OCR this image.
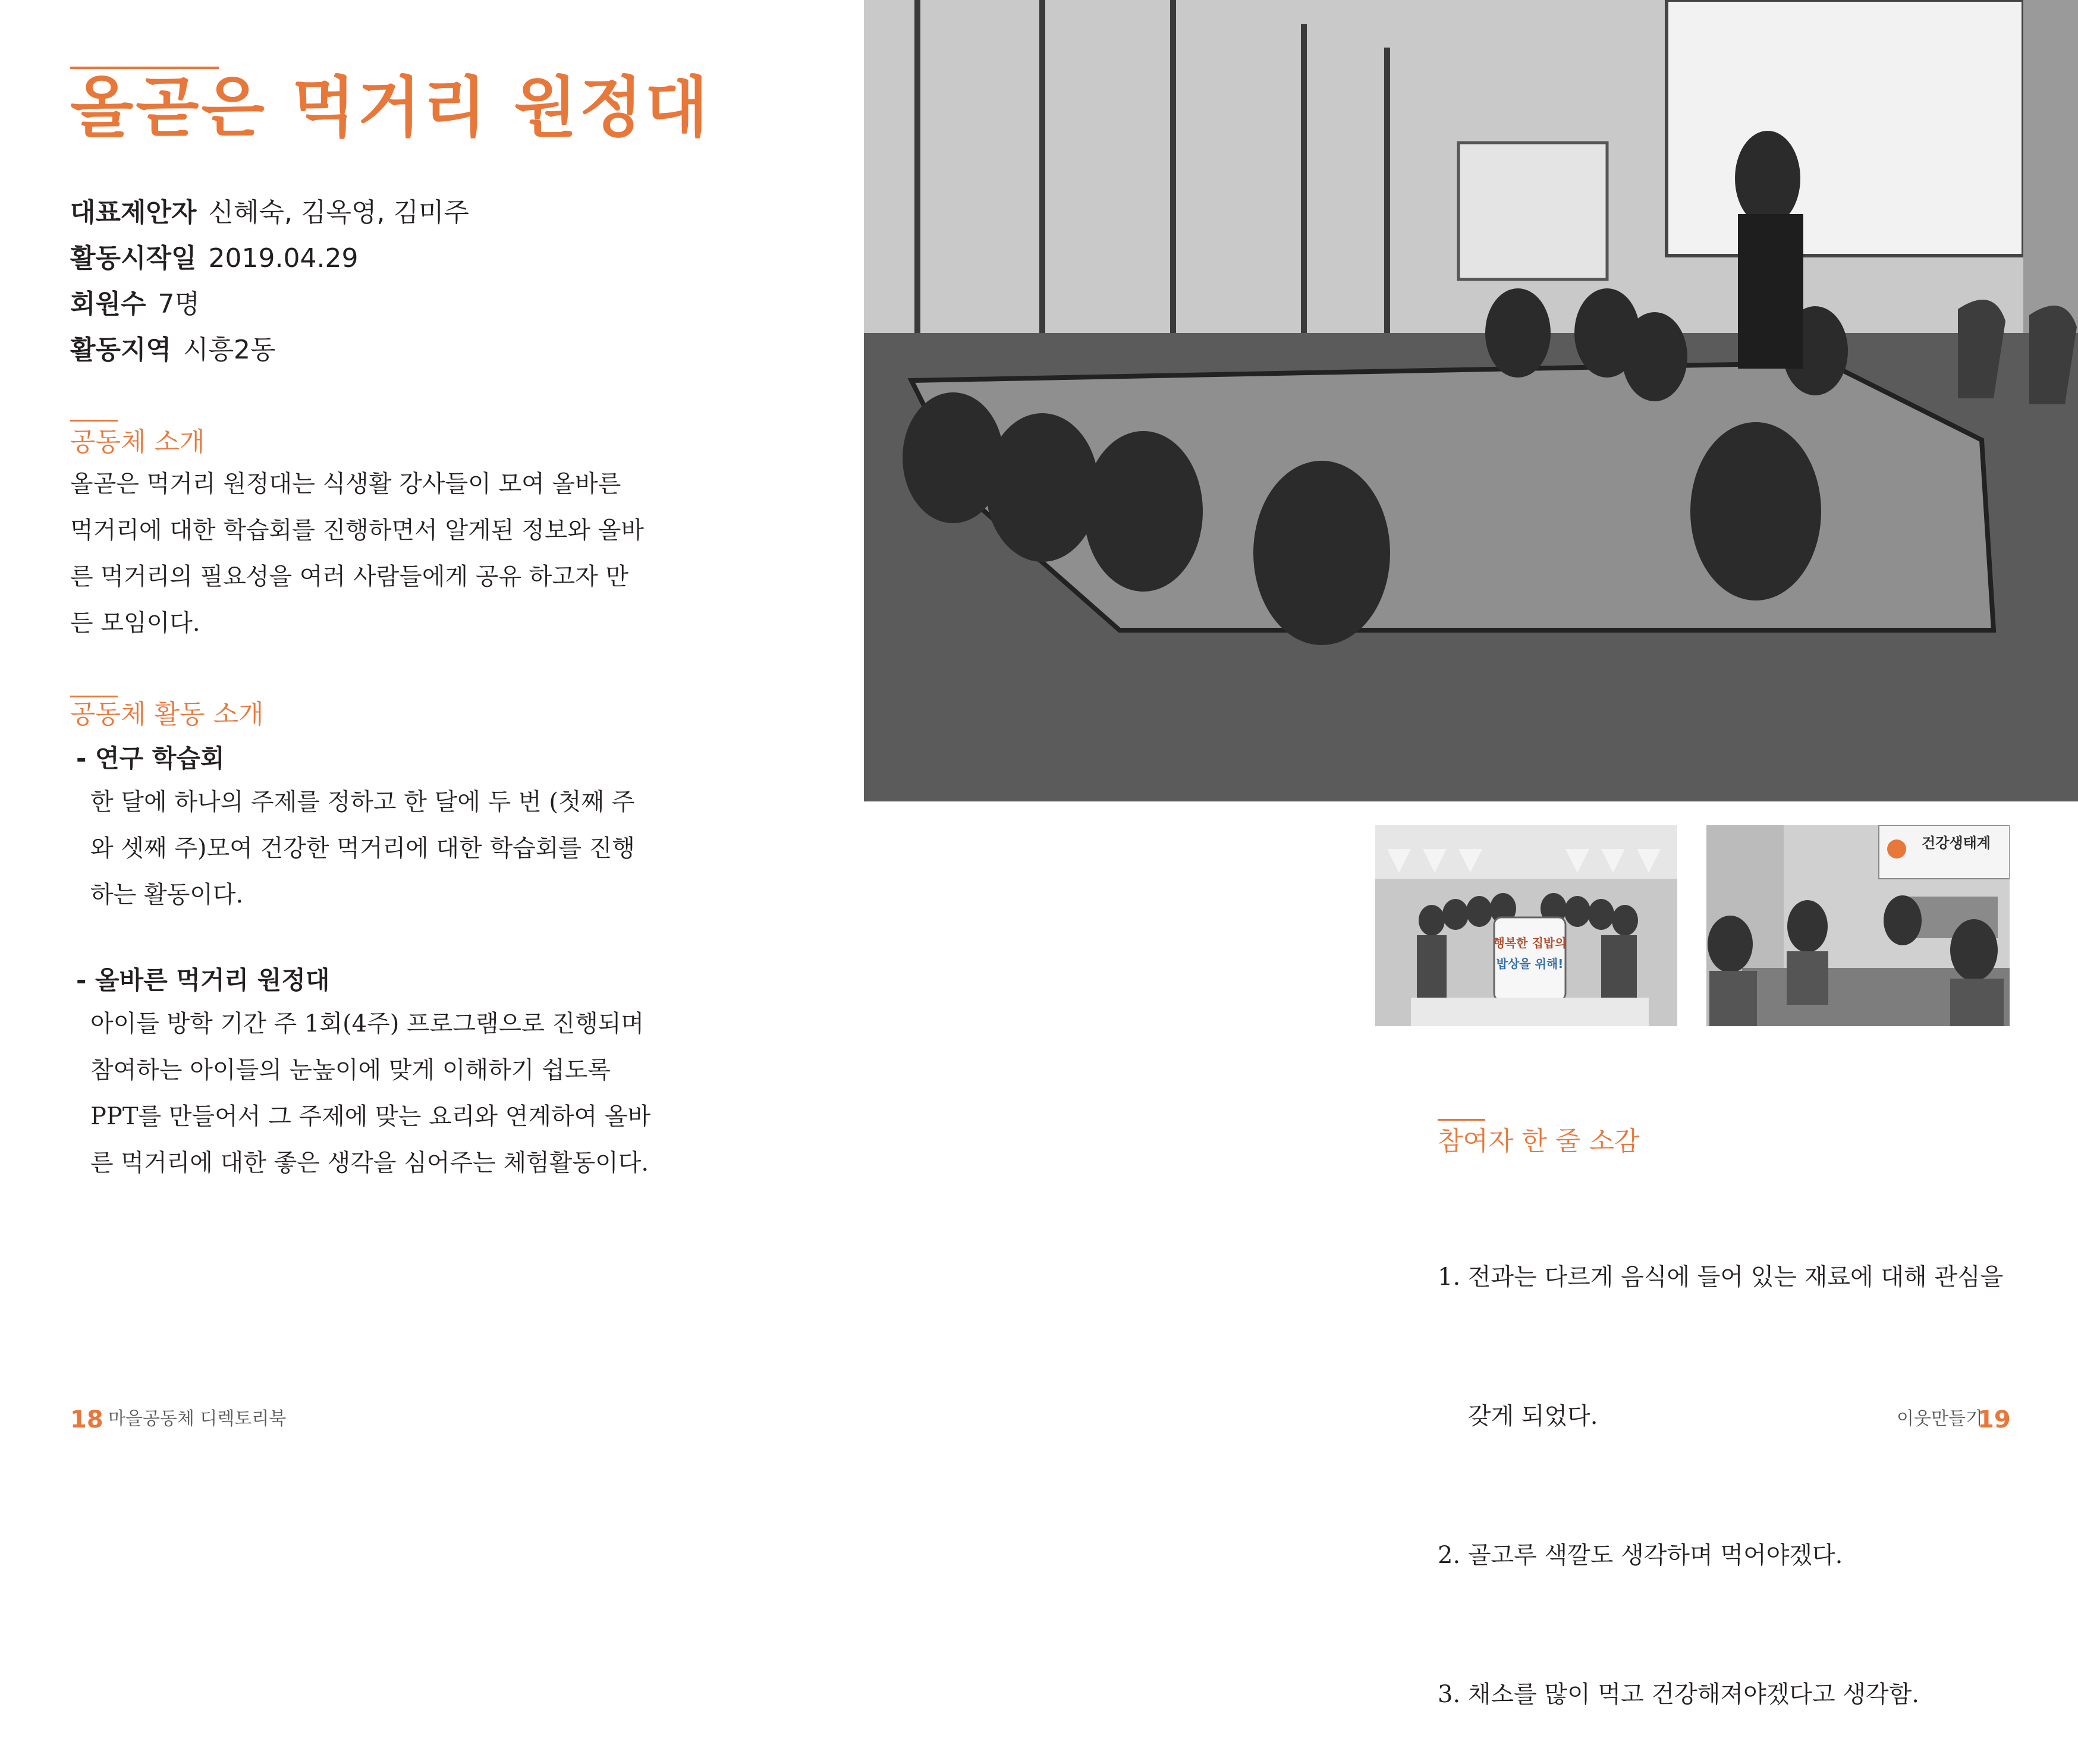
올곧은 먹거리 원정대
대표제안자 신혜숙, 김옥영, 김미주
활동시작일 2019.04.29
회원수 7명
활동지역 시흥2동
공동체 소개
올곧은 먹거리 원정대는 식생활 강사들이 모여 올바른
먹거리에 대한 학습회를 진행하면서 알게된 정보와 올바
른 먹거리의 필요성을 여러 사람들에게 공유 하고자 만
든 모임이다.
공동체 활동 소개
- 연구 학습회
한 달에 하나의 주제를 정하고 한 달에 두 번 (첫째 주
와 셋째 주)모여 건강한 먹거리에 대한 학습회를 진행
하는 활동이다.
- 올바른 먹거리 원정대
아이들 방학 기간 주 1회(4주) 프로그램으로 진행되며
참여하는 아이들의 눈높이에 맞게 이해하기 쉽도록
PPT를 만들어서 그 주제에 맞는 요리와 연계하여 올바
른 먹거리에 대한 좋은 생각을 심어주는 체험활동이다.
18 마을공동체 디렉토리북
행복한 집밥의
밥상을 위해!
건강생태계
참여자 한 줄 소감

1. 전과는 다르게 음식에 들어 있는 재료에 대해 관심을

갖게 되었다.

2. 골고루 색깔도 생각하며 먹어야겠다.

3. 채소를 많이 먹고 건강해져야겠다고 생각함.

이웃만들기
19
